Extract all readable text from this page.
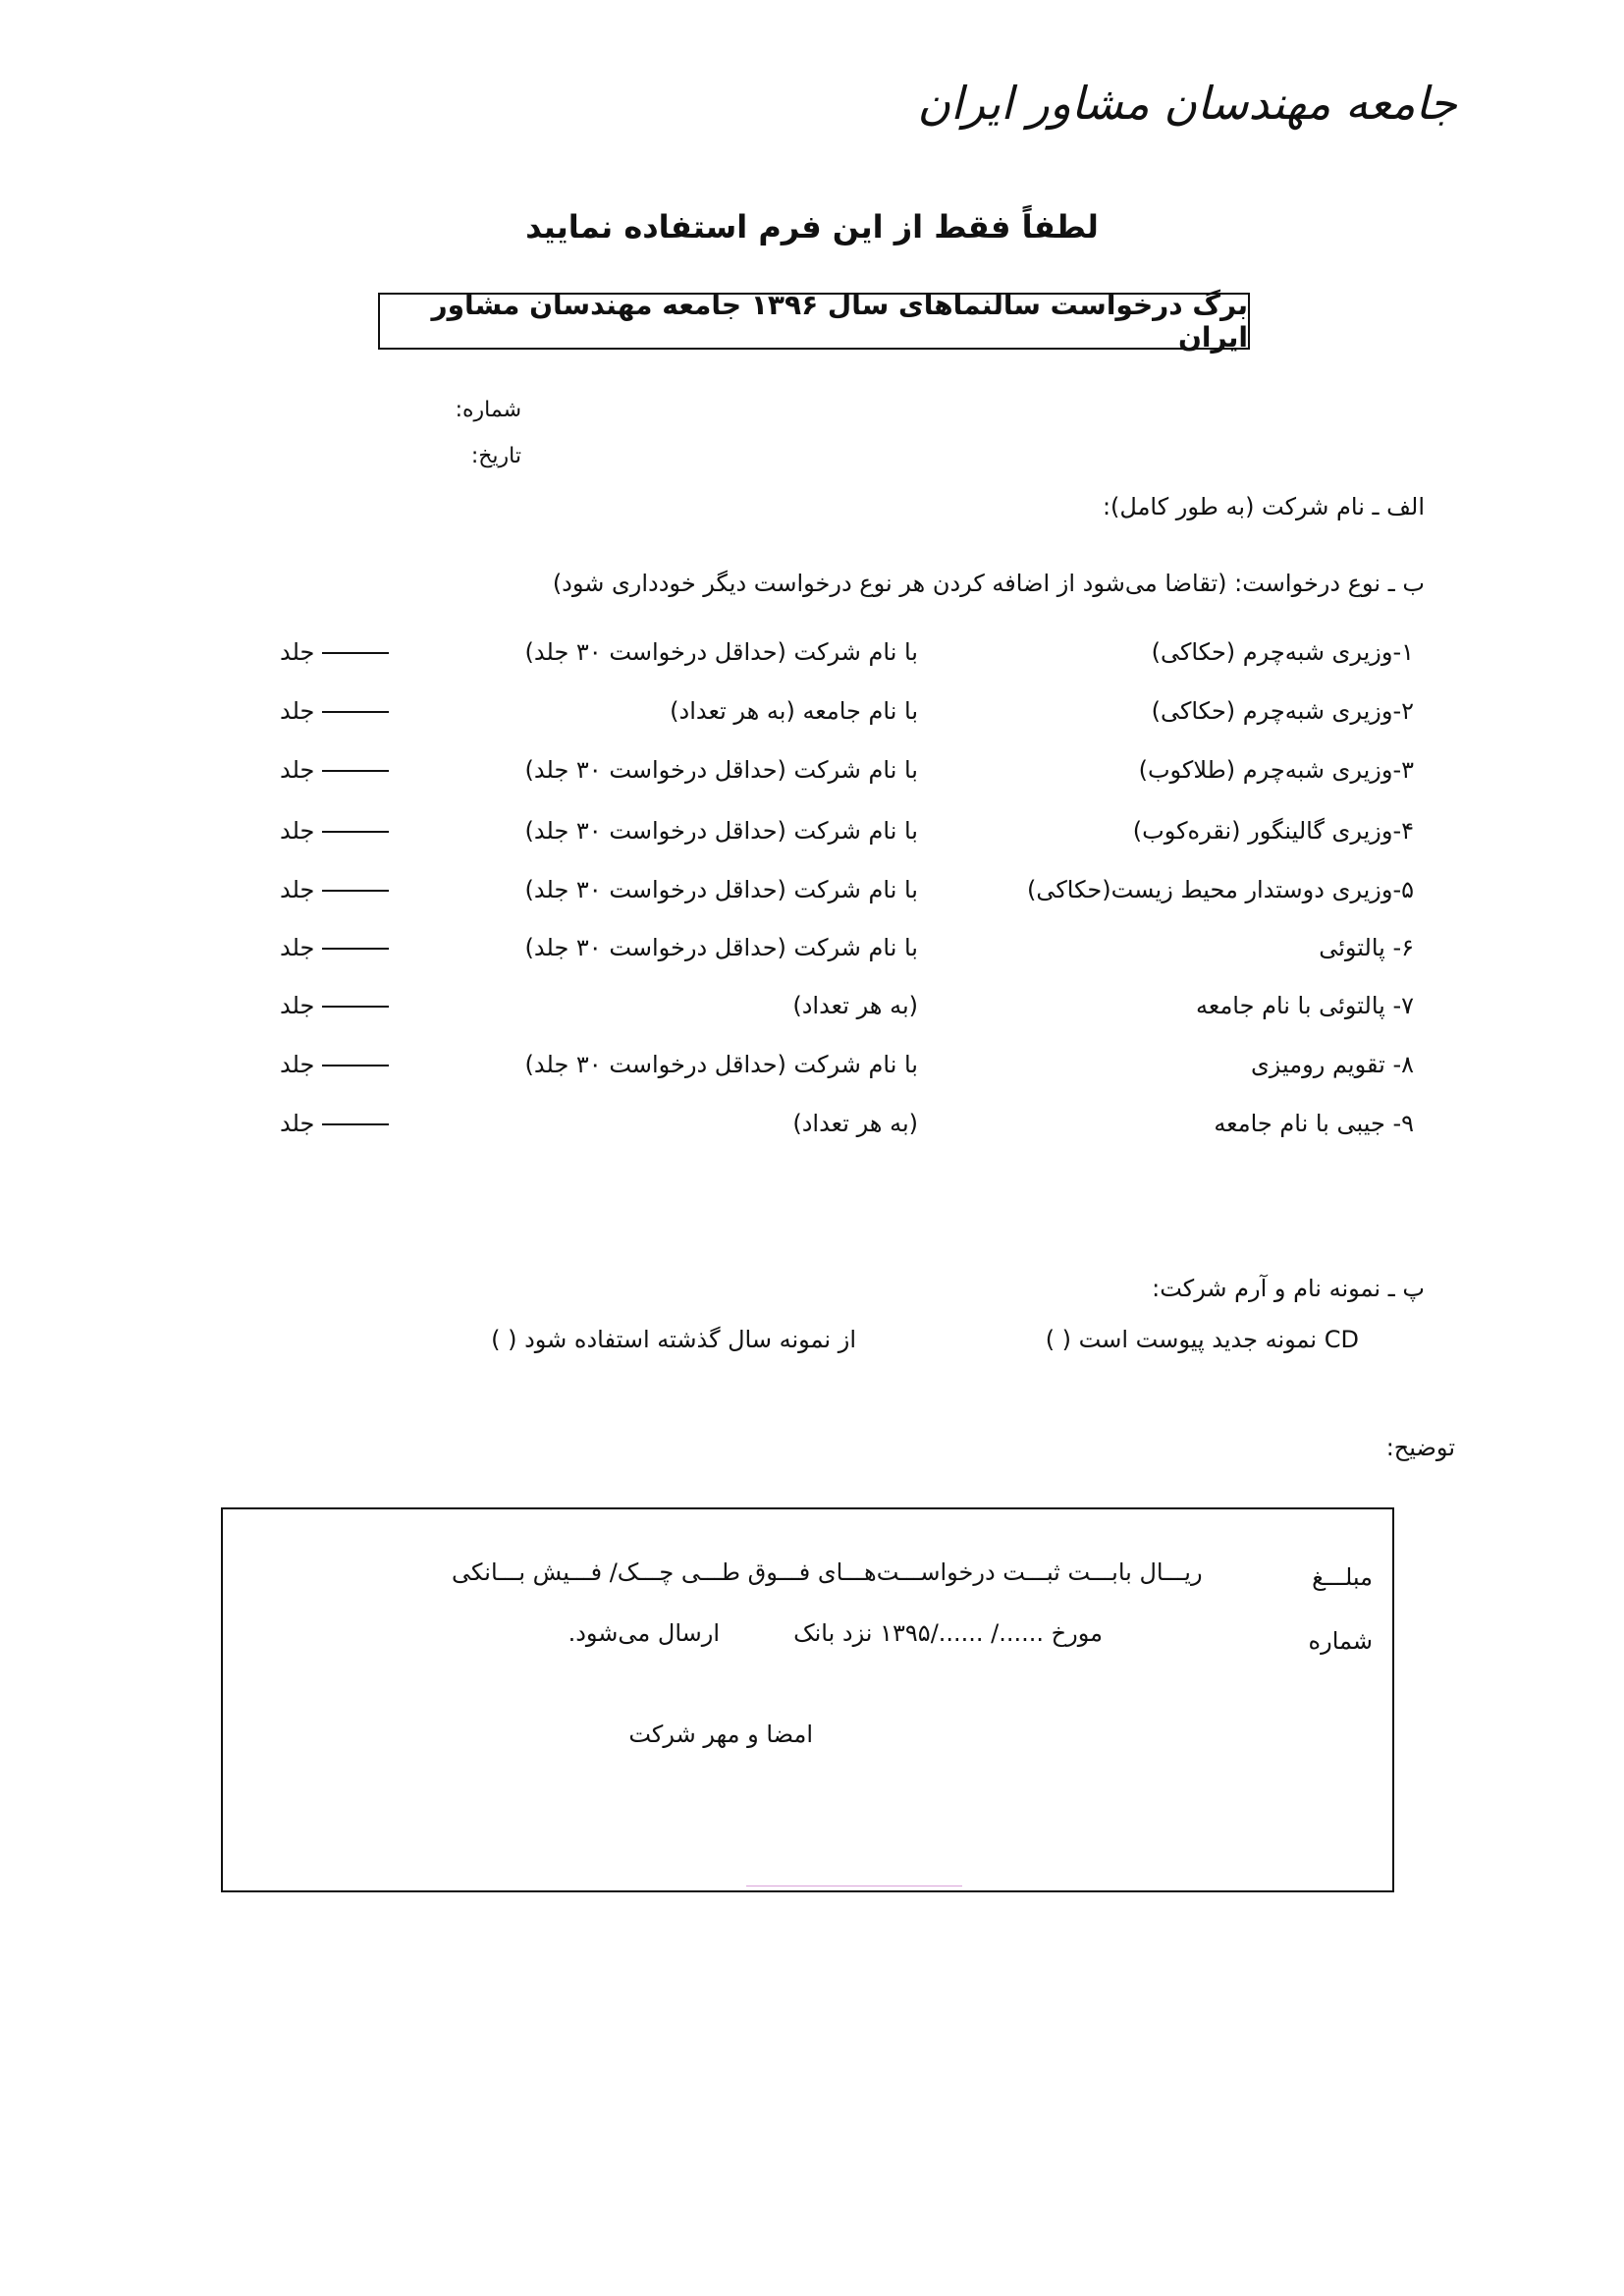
جامعه مهندسان مشاور ایران
لطفاً فقط از این فرم استفاده نمایید
برگ درخواست سالنماهای سال ۱۳۹۶ جامعه مهندسان مشاور ایران
شماره:
تاریخ:
الف ـ نام شرکت (به طور کامل):
ب ـ نوع درخواست: (تقاضا می‌شود از اضافه کردن هر نوع درخواست دیگر خودداری شود)
۱-وزیری شبه‌چرم (حکاکی)
با نام شرکت (حداقل درخواست ۳۰ جلد)
جلد
۲-وزیری شبه‌چرم (حکاکی)
با نام جامعه (به هر تعداد)
جلد
۳-وزیری شبه‌چرم (طلاکوب)
با نام شرکت (حداقل درخواست ۳۰ جلد)
جلد
۴-وزیری گالینگور (نقره‌کوب)
با نام شرکت (حداقل درخواست ۳۰ جلد)
جلد
۵-وزیری دوستدار محیط زیست(حکاکی)
با نام شرکت (حداقل درخواست ۳۰ جلد)
جلد
۶- پالتوئی
با نام شرکت (حداقل درخواست ۳۰ جلد)
جلد
۷- پالتوئی با نام جامعه
(به هر تعداد)
جلد
۸- تقویم رومیزی
با نام شرکت (حداقل درخواست ۳۰ جلد)
جلد
۹- جیبی با نام جامعه
(به هر تعداد)
جلد
پ ـ نمونه نام و آرم شرکت:
CD نمونه جدید پیوست است ( )
از نمونه سال گذشته استفاده شود ( )
توضیح:
مبلـــغ
ریـــال بابـــت ثبـــت درخواســـت‌هـــای فـــوق طـــی چـــک/ فـــیش بـــانکی
شماره
مورخ ....../ ....../۱۳۹۵ نزد بانک
ارسال می‌شود.
امضا و مهر شرکت
